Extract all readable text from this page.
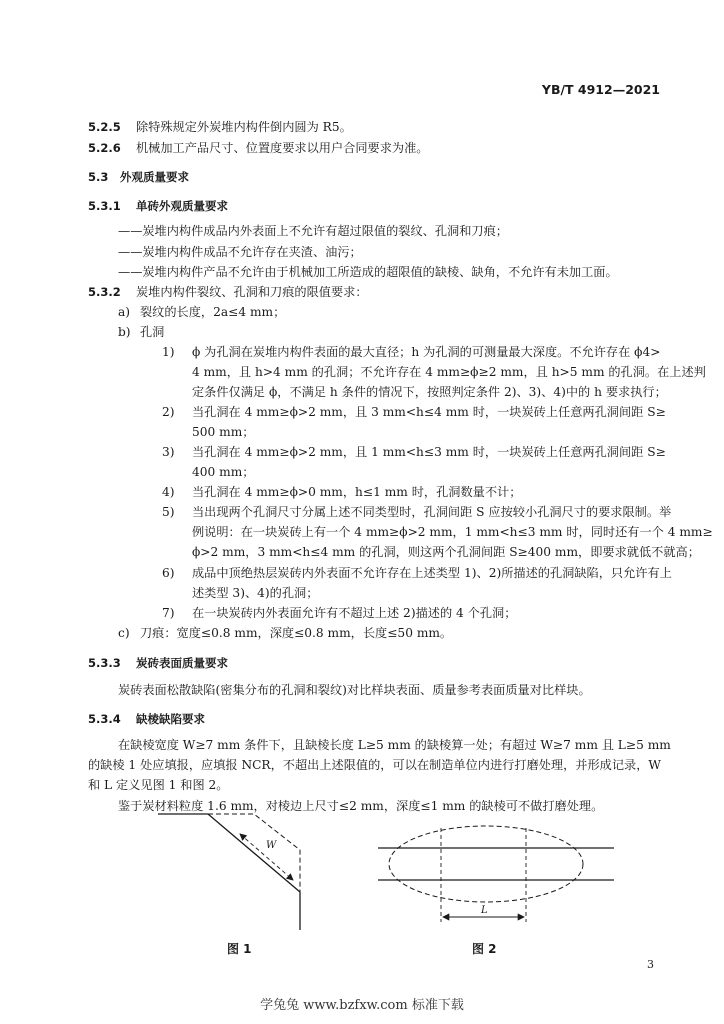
YB/T 4912—2021
5.2.5 除特殊规定外炭堆内构件倒内圆为 R5。
5.2.6 机械加工产品尺寸、位置度要求以用户合同要求为准。
5.3 外观质量要求
5.3.1 单砖外观质量要求
——炭堆内构件成品内外表面上不允许有超过限值的裂纹、孔洞和刀痕；
——炭堆内构件成品不允许存在夹渣、油污；
——炭堆内构件产品不允许由于机械加工所造成的超限值的缺棱、缺角，不允许有未加工面。
5.3.2 炭堆内构件裂纹、孔洞和刀痕的限值要求：
a) 裂纹的长度，2a≤4 mm；
b) 孔洞
1) ϕ 为孔洞在炭堆内构件表面的最大直径；h 为孔洞的可测量最大深度。不允许存在 ϕ4>
4 mm，且 h>4 mm 的孔洞；不允许存在 4 mm≥ϕ≥2 mm，且 h>5 mm 的孔洞。在上述判
定条件仅满足 ϕ，不满足 h 条件的情况下，按照判定条件 2)、3)、4)中的 h 要求执行；
2) 当孔洞在 4 mm≥ϕ>2 mm，且 3 mm<h≤4 mm 时，一块炭砖上任意两孔洞间距 S≥
500 mm；
3) 当孔洞在 4 mm≥ϕ>2 mm，且 1 mm<h≤3 mm 时，一块炭砖上任意两孔洞间距 S≥
400 mm；
4) 当孔洞在 4 mm≥ϕ>0 mm，h≤1 mm 时，孔洞数量不计；
5) 当出现两个孔洞尺寸分属上述不同类型时，孔洞间距 S 应按较小孔洞尺寸的要求限制。举
例说明：在一块炭砖上有一个 4 mm≥ϕ>2 mm，1 mm<h≤3 mm 时，同时还有一个 4 mm≥
ϕ>2 mm，3 mm<h≤4 mm 的孔洞，则这两个孔洞间距 S≥400 mm，即要求就低不就高；
6) 成品中顶绝热层炭砖内外表面不允许存在上述类型 1)、2)所描述的孔洞缺陷，只允许有上
述类型 3)、4)的孔洞；
7) 在一块炭砖内外表面允许有不超过上述 2)描述的 4 个孔洞；
c) 刀痕：宽度≤0.8 mm，深度≤0.8 mm，长度≤50 mm。
5.3.3 炭砖表面质量要求
炭砖表面松散缺陷(密集分布的孔洞和裂纹)对比样块表面、质量参考表面质量对比样块。
5.3.4 缺棱缺陷要求
在缺棱宽度 W≥7 mm 条件下，且缺棱长度 L≥5 mm 的缺棱算一处；有超过 W≥7 mm 且 L≥5 mm
的缺棱 1 处应填报，应填报 NCR，不超出上述限值的，可以在制造单位内进行打磨处理，并形成记录，W
和 L 定义见图 1 和图 2。
鉴于炭材料粒度 1.6 mm，对棱边上尺寸≤2 mm，深度≤1 mm 的缺棱可不做打磨处理。
W
图 1
L
图 2
3
学兔兔 www.bzfxw.com 标准下载
